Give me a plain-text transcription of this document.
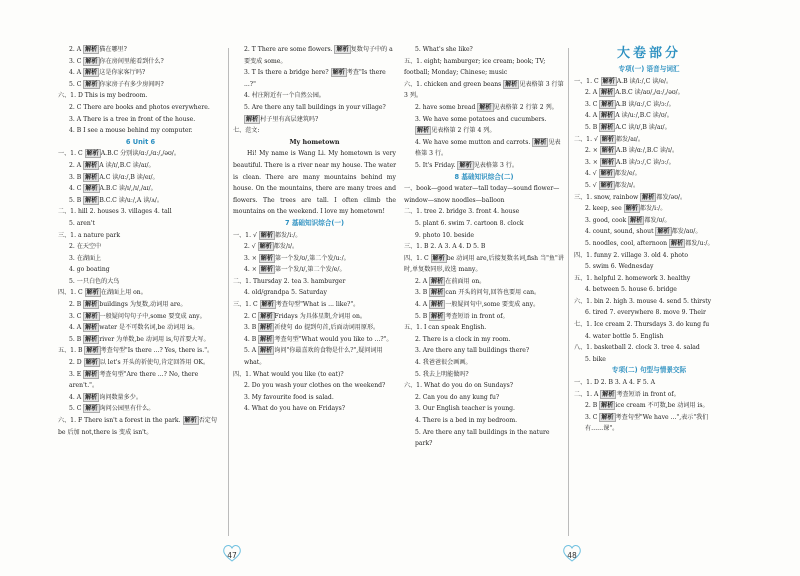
2. A 解析 猫在哪里?
3. C 解析 你在房间里能看到什么?
4. A 解析 这是你家客厅吗?
5. C 解析 你家房子有多少房间吗?
六、1. D This is my bedroom.
2. C There are books and photos everywhere.
3. A There is a tree in front of the house.
4. B I see a mouse behind my computer.
6 Unit 6
一、1. C 解析 A.B.C 分别读/ɑː/,/ɑː/,/əʊ/。
2. A 解析 A 读/ɪ/,B.C 读/aɪ/。
3. B 解析 A.C 读/ɑː/,B 读/eɪ/。
4. C 解析 A.B.C 读/ɪ/,/ɪ/,/aɪ/。
5. B 解析 B.C.C 读/uː/,A 读/ʌ/。
二、1. hill 2. houses 3. villages 4. tall
5. aren't
三、1. a nature park
2. 在天空中
3. 在湖面上
4. go boating
5. 一只白色的大鸟
四、1. C 解析 在湖面上用 on。
2. B 解析 buildings 为复数,动词用 are。
3. C 解析 一般疑问句句子中,some 要变成 any。
4. A 解析 water 是不可数名词,be 动词用 is。
5. B 解析 river 为单数,be 动词用 is,句首要大写。
五、1. B 解析 考查句型"Is there ...? Yes, there is."。
2. D 解析 以 let's 开头的祈使句,肯定回答用 OK。
3. E 解析 考查句型"Are there ...? No, there aren't."。
4. A 解析 询问数量多少。
5. C 解析 询问公园里有什么。
六、1. F There isn't a forest in the park. 解析 否定句 be 后加 not,there is 变成 isn't。
2. T There are some flowers. 解析 复数句子中的 a 要变成 some。
3. T Is there a bridge here? 解析 考查"Is there ...?"
4. 村庄附近有一个自然公园。
5. Are there any tall buildings in your village? 解析 村子里有高层建筑吗?
七、范文:
My hometown
Hi! My name is Wang Li. My hometown is very beautiful. There is a river near my house. The water is clean. There are many mountains behind my house. On the mountains, there are many trees and flowers. The trees are tall. I often climb the mountains on the weekend. I love my hometown!
7 基础知识综合(一)
一、1. √ 解析 都发/iː/。
2. √ 解析 都发/ɪ/。
3. × 解析 第一个发/ʊ/,第二个发/uː/。
4. × 解析 第一个发/ɪ/,第二个发/e/。
二、1. Thursday 2. tea 3. hamburger
4. old/grandpa 5. Saturday
三、1. C 解析 考查句型"What is ... like?"。
2. C 解析 Fridays 为具体星期,介词用 on。
3. B 解析 祈使句 do 提到句首,后面动词用原形。
4. B 解析 考查句型"What would you like to ...?"。
5. A 解析 询问"你最喜欢的食物是什么?",疑问词用 what。
四、1. What would you like (to eat)?
2. Do you wash your clothes on the weekend?
3. My favourite food is salad.
4. What do you have on Fridays?
47
5. What's she like?
五、1. eight; hamburger; ice cream; book; TV; football; Monday; Chinese; music
六、1. chicken and green beans 解析 见表格第 3 行第 3 列。
2. have some bread 解析 见表格第 2 行第 2 列。
3. We have some potatoes and cucumbers. 解析 见表格第 2 行第 4 列。
4. We have some mutton and carrots. 解析 见表格第 3 行。
5. It's Friday. 解析 见表格第 3 行。
8 基础知识综合(二)
一、book—good water—tall today—sound flower—window—snow noodles—balloon
二、1. tree 2. bridge 3. front 4. house
5. plant 6. swim 7. cartoon 8. clock
9. photo 10. beside
三、1. B 2. A 3. A 4. D 5. B
四、1. C 解析 be 动词用 are,后接复数名词,fish 当"鱼"讲时,单复数同形,故选 many。
2. A 解析 在前面用 on。
3. B 解析 can 开头的问句,回答也要用 can。
4. A 解析 一般疑问句中,some 要变成 any。
5. B 解析 考查短语 in front of。
五、1. I can speak English.
2. There is a clock in my room.
3. Are there any tall buildings there?
4. 我爸爸很会画画。
5. 我去上明能做吗?
六、1. What do you do on Sundays?
2. Can you do any kung fu?
3. Our English teacher is young.
4. There is a bed in my bedroom.
5. Are there any tall buildings in the nature park?
大卷部分
专项(一) 语音与词汇
一、1. C 解析 A.B 读/iː/,C 读/e/。
2. A 解析 A.B.C 读/aʊ/,/ɑː/,/əʊ/。
3. C 解析 A.B 读/ɑː/,C 读/ɔː/。
4. A 解析 A 读/uː/,B.C 读/ʊ/。
5. B 解析 A.C 读/ɪ/,B 读/aɪ/。
二、1. √ 解析 都发/aɪ/。
2. × 解析 A.B 读/ɑː/,B.C 读/ɪ/。
3. × 解析 A.B 读/ɔː/,C 读/ɔː/。
4. √ 解析 都发/e/。
5. √ 解析 都发/ɪ/。
三、1. snow, rainbow 解析 都发/əʊ/。
2. keep, see 解析 都发/iː/。
3. good, cook 解析 都发/ʊ/。
4. count, sound, shout 解析 都发/aʊ/。
5. noodles, cool, afternoon 解析 都发/uː/。
四、1. funny 2. village 3. old 4. photo
5. swim 6. Wednesday
五、1. helpful 2. homework 3. healthy
4. between 5. house 6. bridge
六、1. bin 2. high 3. mouse 4. send 5. thirsty
6. tired 7. everywhere 8. move 9. Their
七、1. Ice cream 2. Thursdays 3. do kung fu
4. water bottle 5. English
八、1. basketball 2. clock 3. tree 4. salad
5. bike
专项(二) 句型与情景交际
一、1. D 2. B 3. A 4. F 5. A
二、1. A 解析 考查短语 in front of。
2. B 解析 ice cream 不可数,be 动词用 is。
3. C 解析 考查句型"We have ...",表示"我们有……课"。
48
